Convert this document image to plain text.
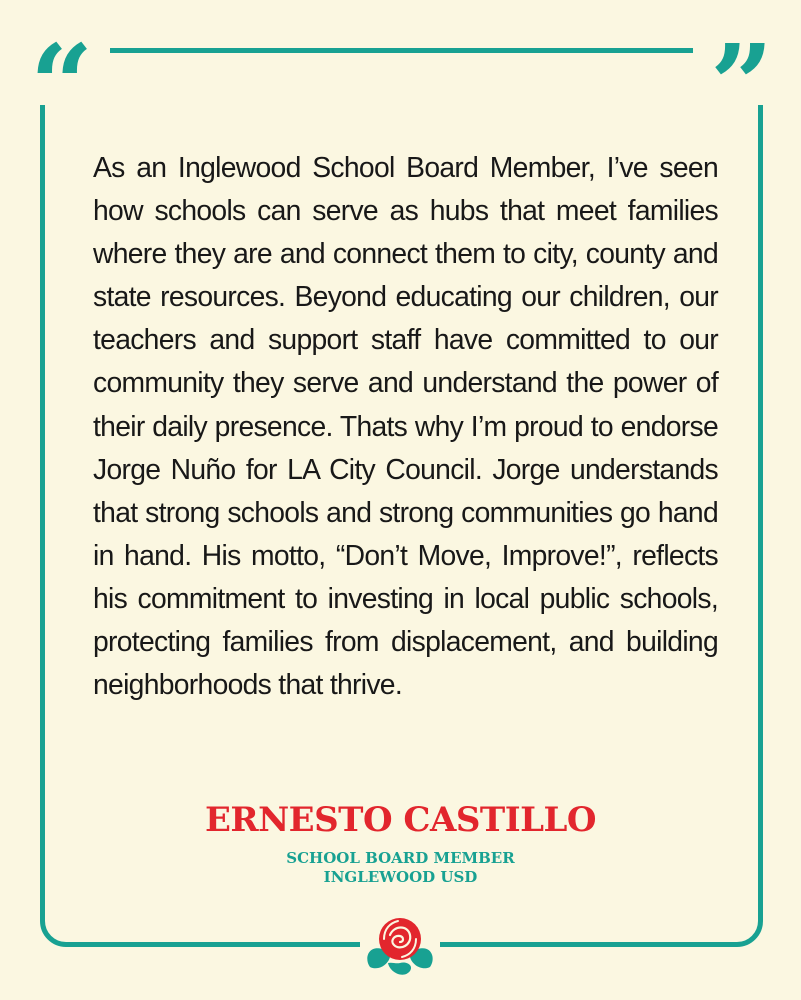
“	”
As an Inglewood School Board Member, I’ve seen how schools can serve as hubs that meet families where they are and connect them to city, county and state resources. Beyond educating our children, our teachers and support staff have committed to our community they serve and understand the power of their daily presence. Thats why I’m proud to endorse Jorge Nuño for LA City Council. Jorge understands that strong schools and strong communities go hand in hand. His motto, “Don’t Move, Improve!”, reflects his commitment to investing in local public schools, protecting families from displacement, and building neighborhoods that thrive.
ERNESTO CASTILLO
SCHOOL BOARD MEMBER
INGLEWOOD USD
